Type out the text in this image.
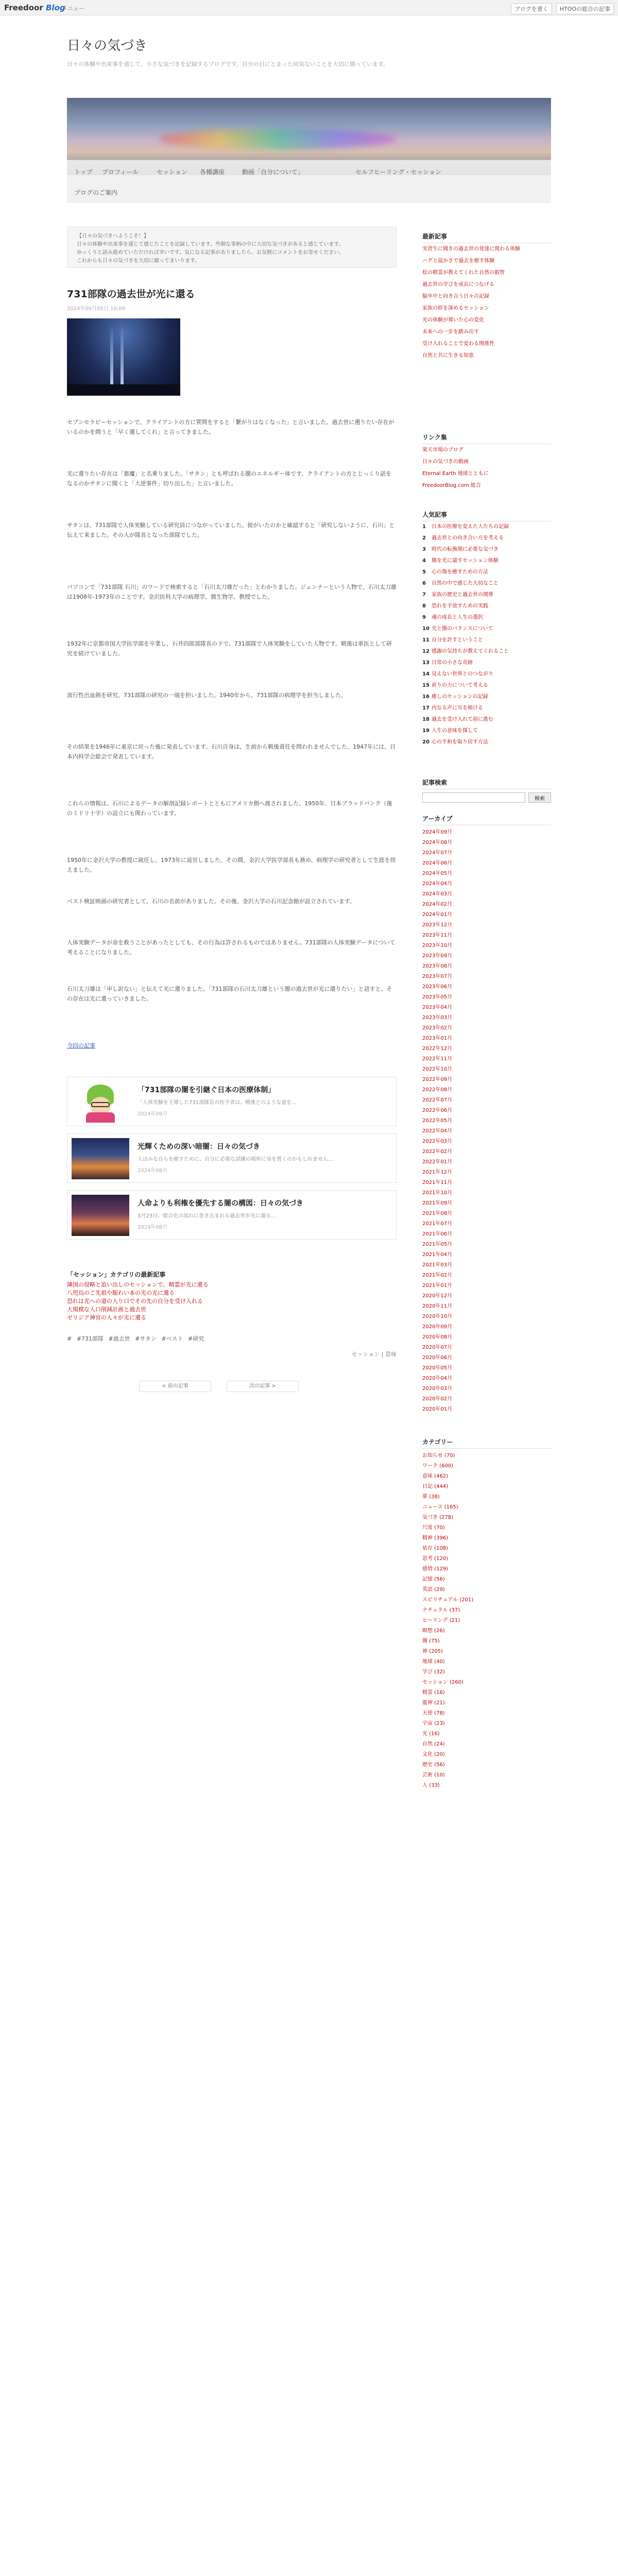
Freedoor Blog
メニュー	ブログを書く	HTOOの総合の記事
日々の気づき
日々の体験や出来事を通じて、小さな気づきを記録するブログです。自分の目にとまった何気ないことを大切に綴っています。
トップ プロフィール	セッション 各種講座	動画「自分について」	セルフヒーリング・セッション
ブログのご案内
【日々の気づきへようこそ！】
日々の体験や出来事を通じて感じたことを記録しています。些細な事柄の中に大切な気づきがあると感じています。
ゆっくりと読み進めていただければ幸いです。気になる記事がありましたら、お気軽にコメントをお寄せください。
これからも日々の気づきを大切に綴ってまいります。
731部隊の過去世が光に還る
2024年09月05日 10:09
セブンセラピーセッションで、クライアントの方に質問をすると「繋がりはなくなった」と言いました。過去世に遡りたい存在がいるのかを問うと「早く還してくれ」と言ってきました。
光に還りたい存在は「悪魔」と名乗りました。「サタン」とも呼ばれる闇のエネルギー体です。クライアントの方とじっくり話をなるのかサタンに聞くと「大逆事件」切り出した」と言いました。
サタンは、731部隊で人体実験している研究員につながっていました。彼がいたのかと確認すると「研究しないように、石川」と伝えて来ました。その人が隊長となった部隊でした。
パソコンで「731部隊 石川」のワードで検索すると「石川太刀雄だった」とわかりました。ジェンナーという人物で、石川太刀雄は1908年-1973年のことです。金沢医科大学の病理学、微生物学、教授でした。
1932年に京都帝国大学医学部を卒業し、石井四郎部隊長の下で、731部隊で人体実験をしていた人物です。戦後は軍医として研究を続けていました。
流行性出血熱を研究、731部隊の研究の一端を担いました。1940年から、731部隊の病理学を担当しました。
その結果を1946年に東京に戻った後に発表しています。石川自身は、生前から戦後責任を問われませんでした。1947年には、日本内科学会総会で発表しています。
これらの情報は、石川によるデータの解剖記録レポートとともにアメリカ側へ渡されました。1950年、日本ブラッドバンク（後のミドリ十字）の設立にも関わっています。
1950年に金沢大学の教授に就任し、1973年に退官しました。その間、金沢大学医学部長も務め、病理学の研究者として生涯を終えました。
ベスト検証映画の研究者として、石川の名前がありました。その後、金沢大学の石川記念館が設立されています。
人体実験データが命を救うことがあったとしても、その行為は許されるものではありません。731部隊の人体実験データについて考えることになりました。
石川太刀雄は「申し訳ない」と伝えて光に還りました。「731部隊の石川太刀雄という闇の過去世が光に還りたい」と話すと、その存在は光に還っていきました。
今回の記事
「731部隊の闇を引継ぐ日本の医療体制」
「人体実験を主導した731部隊長の医学者は、戦後どのような道を…
2024年09月
光輝くための深い暗闇：日々の気づき
人はみな自らを癒すために、自分に必要な試練の場所に身を置くのかもしれません…
2024年08月
人命よりも利権を優先する闇の構図：日々の気づき
3月23日、総合化の流れに巻き込まれる過去世が光に還る…
2024年08月
「セッション」カテゴリの最新記事
隣国の侵略と追い出しのセッションで、精霊が光に還る
八咫烏のご先祖や賑わい本の光の光に還る
恐れは光への道の入り口でその先の自分を受け入れる
大規模な人口削減計画と過去世
ゼリジア神官の人々が光に還る
# #731部隊 #過去世 #サタン #ベスト #研究
セッション | 意味
< 前の記事	次の記事 >
最新記事
実習生に聞きの過去世の発達に関わる体験
ハグと温かさで過去を癒す体験
松の精霊が教えてくれた自然の叡智
過去世の学びを成長につなげる
脳卒中と向き合う日々の記録
家族の絆を深めるセッション
光の体験が導いた心の変化
未来への一歩を踏み出す
受け入れることで変わる関係性
自然と共に生きる知恵
リンク集
楽天市場のブログ
日々の気づきの動画
Eternal Earth 地球とともに
FreedoorBlog.com 総合
人気記事
1	日本の医療を変えた人たちの記録
2	過去世との向き合い方を考える
3	時代の転換期に必要な気づき
4	闇を光に還すセッション体験
5	心の傷を癒すための方法
6	自然の中で感じた大切なこと
7	家族の歴史と過去世の関係
8	恐れを手放すための実践
9	魂の成長と人生の選択
10 光と闇のバランスについて
11 自分を許すということ
12 感謝の気持ちが教えてくれること
13 日常の小さな奇跡
14 見えない世界とのつながり
15 祈りの力について考える
16 癒しのセッションの記録
17 内なる声に耳を傾ける
18 過去を受け入れて前に進む
19 人生の意味を探して
20 心の平和を取り戻す方法
記事検索
検索
アーカイブ
2024年09月
2024年08月
2024年07月
2024年06月
2024年05月
2024年04月
2024年03月
2024年02月
2024年01月
2023年12月
2023年11月
2023年10月
2023年09月
2023年08月
2023年07月
2023年06月
2023年05月
2023年04月
2023年03月
2023年02月
2023年01月
2022年12月
2022年11月
2022年10月
2022年09月
2022年08月
2022年07月
2022年06月
2022年05月
2022年04月
2022年03月
2022年02月
2022年01月
2021年12月
2021年11月
2021年10月
2021年09月
2021年08月
2021年07月
2021年06月
2021年05月
2021年04月
2021年03月
2021年02月
2021年01月
2020年12月
2020年11月
2020年10月
2020年09月
2020年08月
2020年07月
2020年06月
2020年05月
2020年04月
2020年03月
2020年02月
2020年01月
カテゴリー
お知らせ (70)
ワーク (600)
意味 (462)
日記 (444)
夢 (38)
ニュース (165)
気づき (278)
尺度 (70)
精神 (396)
依存 (108)
思考 (120)
感情 (129)
記憶 (56)
英語 (29)
スピリチュアル (201)
ナチュラル (37)
ヒーリング (21)
瞑想 (26)
闇 (75)
神 (205)
地球 (40)
学び (32)
セッション (260)
精霊 (16)
龍神 (21)
天使 (78)
宇宙 (23)
光 (16)
自然 (24)
文化 (20)
歴史 (56)
芸術 (10)
人 (33)
